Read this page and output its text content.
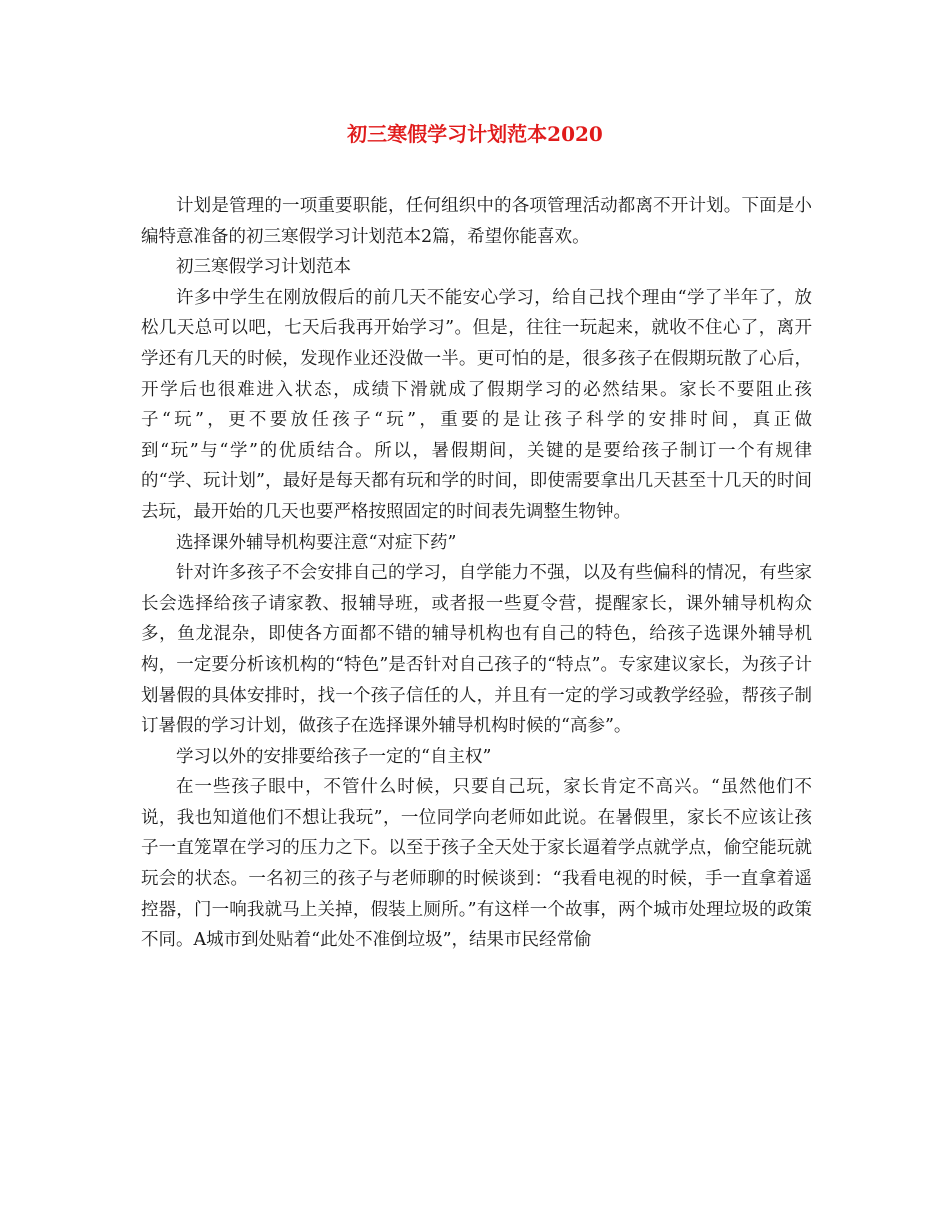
初三寒假学习计划范本2020

计划是管理的一项重要职能，任何组织中的各项管理活动都离不开计划。下面是小编特意准备的初三寒假学习计划范本2篇，希望你能喜欢。

初三寒假学习计划范本

许多中学生在刚放假后的前几天不能安心学习，给自己找个理由“学了半年了，放松几天总可以吧，七天后我再开始学习”。但是，往往一玩起来，就收不住心了，离开学还有几天的时候，发现作业还没做一半。更可怕的是，很多孩子在假期玩散了心后，开学后也很难进入状态，成绩下滑就成了假期学习的必然结果。家长不要阻止孩子“玩”，更不要放任孩子“玩”，重要的是让孩子科学的安排时间，真正做到“玩”与“学”的优质结合。所以，暑假期间，关键的是要给孩子制订一个有规律的“学、玩计划”，最好是每天都有玩和学的时间，即使需要拿出几天甚至十几天的时间去玩，最开始的几天也要严格按照固定的时间表先调整生物钟。

选择课外辅导机构要注意“对症下药”

针对许多孩子不会安排自己的学习，自学能力不强，以及有些偏科的情况，有些家长会选择给孩子请家教、报辅导班，或者报一些夏令营，提醒家长，课外辅导机构众多，鱼龙混杂，即使各方面都不错的辅导机构也有自己的特色，给孩子选课外辅导机构，一定要分析该机构的“特色”是否针对自己孩子的“特点”。专家建议家长，为孩子计划暑假的具体安排时，找一个孩子信任的人，并且有一定的学习或教学经验，帮孩子制订暑假的学习计划，做孩子在选择课外辅导机构时候的“高参”。

学习以外的安排要给孩子一定的“自主权”

在一些孩子眼中，不管什么时候，只要自己玩，家长肯定不高兴。“虽然他们不说，我也知道他们不想让我玩”，一位同学向老师如此说。在暑假里，家长不应该让孩子一直笼罩在学习的压力之下。以至于孩子全天处于家长逼着学点就学点，偷空能玩就玩会的状态。一名初三的孩子与老师聊的时候谈到：“我看电视的时候，手一直拿着遥控器，门一响我就马上关掉，假装上厕所。”有这样一个故事，两个城市处理垃圾的政策不同。A城市到处贴着“此处不准倒垃圾”，结果市民经常偷
